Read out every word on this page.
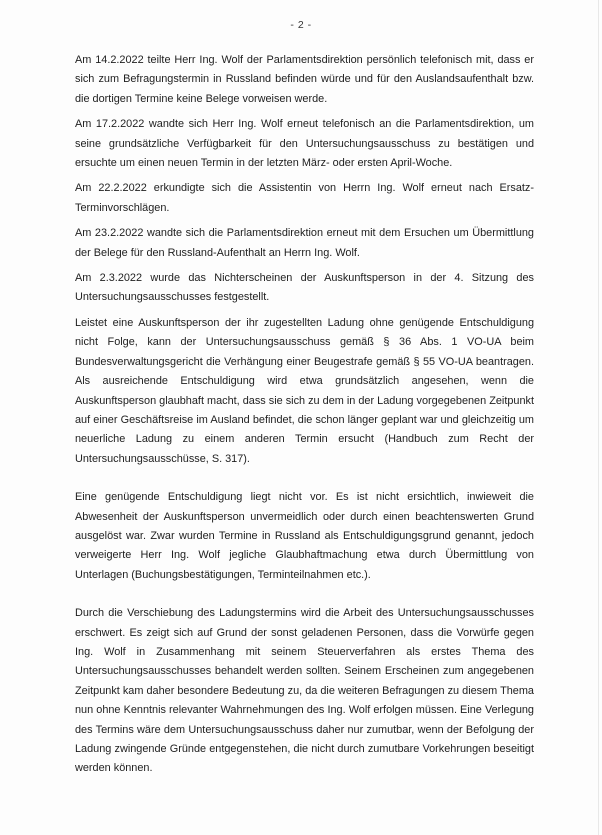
- 2 -

Am 14.2.2022 teilte Herr Ing. Wolf der Parlamentsdirektion persönlich telefonisch mit, dass er sich zum Befragungstermin in Russland befinden würde und für den Auslandsaufenthalt bzw. die dortigen Termine keine Belege vorweisen werde.

Am 17.2.2022 wandte sich Herr Ing. Wolf erneut telefonisch an die Parlamentsdirektion, um seine grundsätzliche Verfügbarkeit für den Untersuchungsausschuss zu bestätigen und ersuchte um einen neuen Termin in der letzten März- oder ersten April-Woche.

Am 22.2.2022 erkundigte sich die Assistentin von Herrn Ing. Wolf erneut nach Ersatz-Terminvorschlägen.

Am 23.2.2022 wandte sich die Parlamentsdirektion erneut mit dem Ersuchen um Übermittlung der Belege für den Russland-Aufenthalt an Herrn Ing. Wolf.

Am 2.3.2022 wurde das Nichterscheinen der Auskunftsperson in der 4. Sitzung des Untersuchungsausschusses festgestellt.

Leistet eine Auskunftsperson der ihr zugestellten Ladung ohne genügende Entschuldigung nicht Folge, kann der Untersuchungsausschuss gemäß § 36 Abs. 1 VO-UA beim Bundesverwaltungsgericht die Verhängung einer Beugestrafe gemäß § 55 VO-UA beantragen. Als ausreichende Entschuldigung wird etwa grundsätzlich angesehen, wenn die Auskunftsperson glaubhaft macht, dass sie sich zu dem in der Ladung vorgegebenen Zeitpunkt auf einer Geschäftsreise im Ausland befindet, die schon länger geplant war und gleichzeitig um neuerliche Ladung zu einem anderen Termin ersucht (Handbuch zum Recht der Untersuchungsausschüsse, S. 317).

Eine genügende Entschuldigung liegt nicht vor. Es ist nicht ersichtlich, inwieweit die Abwesenheit der Auskunftsperson unvermeidlich oder durch einen beachtenswerten Grund ausgelöst war. Zwar wurden Termine in Russland als Entschuldigungsgrund genannt, jedoch verweigerte Herr Ing. Wolf jegliche Glaubhaftmachung etwa durch Übermittlung von Unterlagen (Buchungsbestätigungen, Terminteilnahmen etc.).

Durch die Verschiebung des Ladungstermins wird die Arbeit des Untersuchungsausschusses erschwert. Es zeigt sich auf Grund der sonst geladenen Personen, dass die Vorwürfe gegen Ing. Wolf in Zusammenhang mit seinem Steuerverfahren als erstes Thema des Untersuchungsausschusses behandelt werden sollten. Seinem Erscheinen zum angegebenen Zeitpunkt kam daher besondere Bedeutung zu, da die weiteren Befragungen zu diesem Thema nun ohne Kenntnis relevanter Wahrnehmungen des Ing. Wolf erfolgen müssen. Eine Verlegung des Termins wäre dem Untersuchungsausschuss daher nur zumutbar, wenn der Befolgung der Ladung zwingende Gründe entgegenstehen, die nicht durch zumutbare Vorkehrungen beseitigt werden können.
